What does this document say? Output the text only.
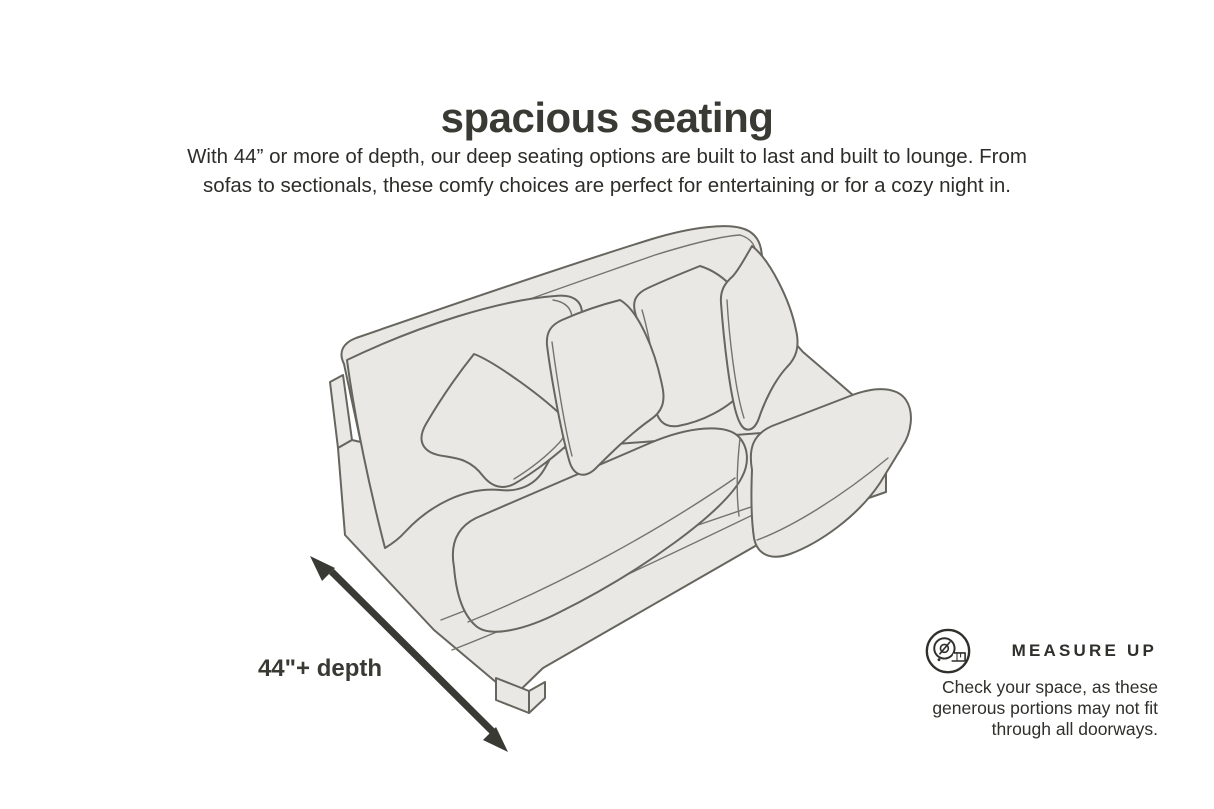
spacious seating
With 44” or more of depth, our deep seating options are built to last and built to lounge. From
sofas to sectionals, these comfy choices are perfect for entertaining or for a cozy night in.
44"+ depth
MEASURE UP
Check your space, as these
generous portions may not fit
through all doorways.
